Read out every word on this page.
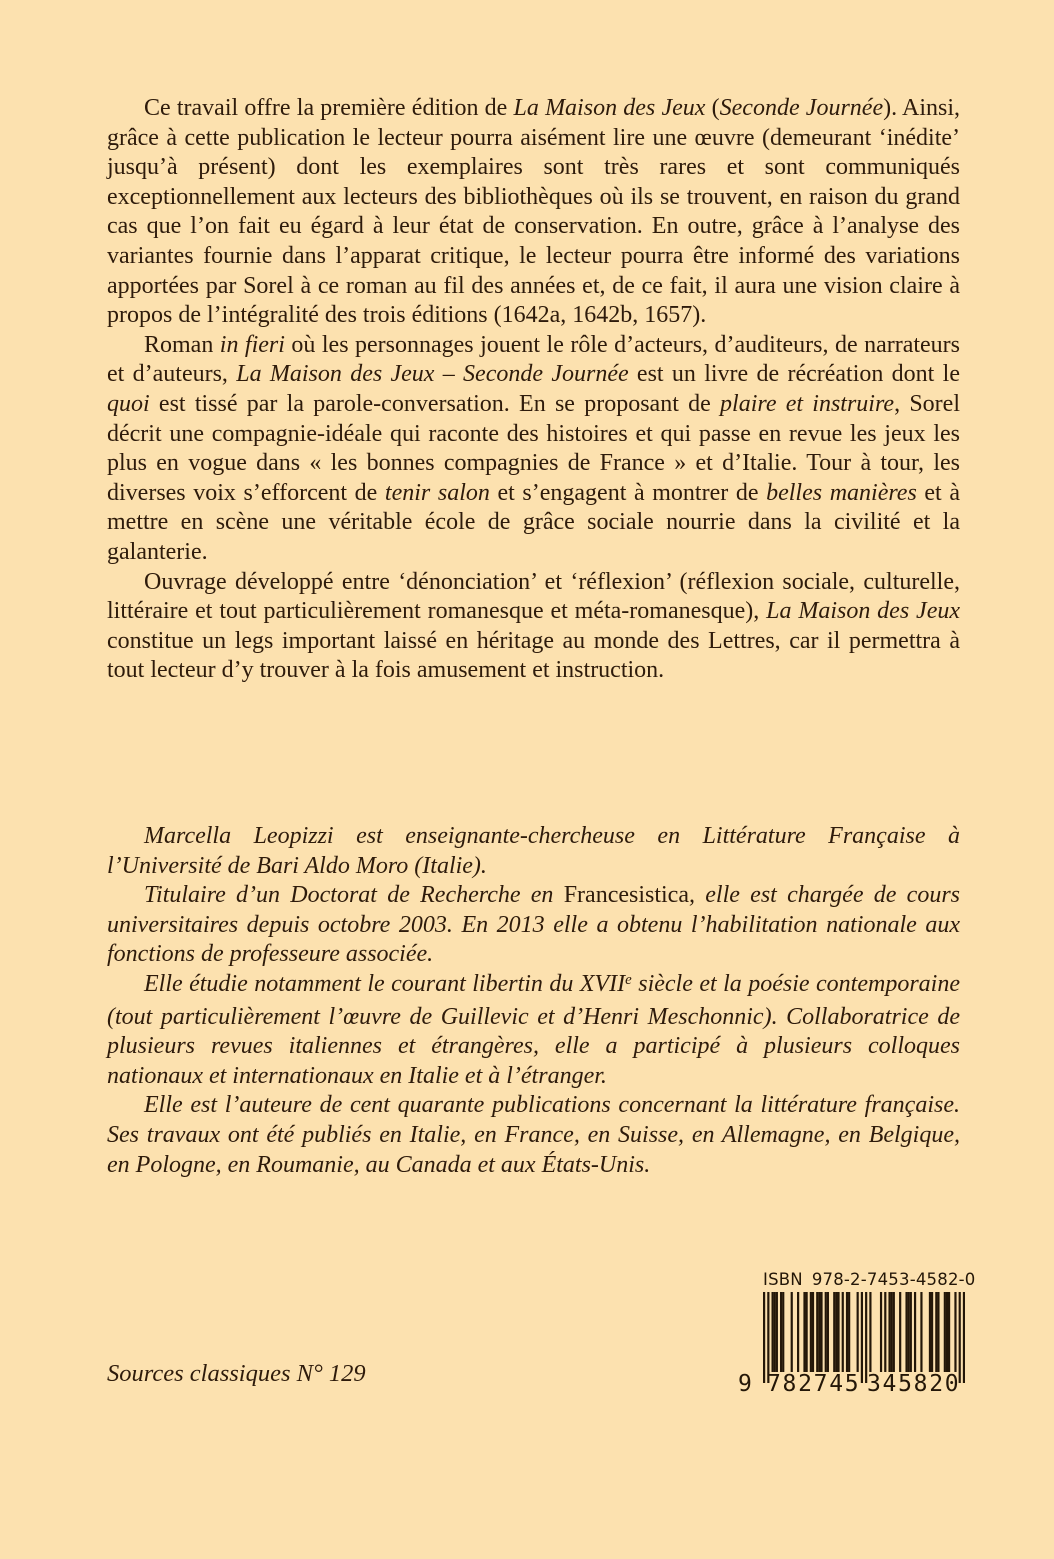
Ce travail offre la première édition de La Maison des Jeux (Seconde Journée). Ainsi, grâce à cette publication le lecteur pourra aisément lire une œuvre (demeurant ‘inédite’ jusqu’à présent) dont les exemplaires sont très rares et sont communiqués exceptionnellement aux lecteurs des bibliothèques où ils se trouvent, en raison du grand cas que l’on fait eu égard à leur état de conservation. En outre, grâce à l’analyse des variantes fournie dans l’apparat critique, le lecteur pourra être informé des variations apportées par Sorel à ce roman au fil des années et, de ce fait, il aura une vision claire à propos de l’intégralité des trois éditions (1642a, 1642b, 1657).

Roman in fieri où les personnages jouent le rôle d’acteurs, d’auditeurs, de narrateurs et d’auteurs, La Maison des Jeux – Seconde Journée est un livre de récréation dont le quoi est tissé par la parole-conversation. En se proposant de plaire et instruire, Sorel décrit une compagnie-idéale qui raconte des histoires et qui passe en revue les jeux les plus en vogue dans « les bonnes compagnies de France » et d’Italie. Tour à tour, les diverses voix s’efforcent de tenir salon et s’engagent à montrer de belles manières et à mettre en scène une véritable école de grâce sociale nourrie dans la civilité et la galanterie.

Ouvrage développé entre ‘dénonciation’ et ‘réflexion’ (réflexion sociale, culturelle, littéraire et tout particulièrement romanesque et méta-romanesque), La Maison des Jeux constitue un legs important laissé en héritage au monde des Lettres, car il permettra à tout lecteur d’y trouver à la fois amusement et instruction.

Marcella Leopizzi est enseignante-chercheuse en Littérature Française à l’Université de Bari Aldo Moro (Italie).

Titulaire d’un Doctorat de Recherche en Francesistica, elle est chargée de cours universitaires depuis octobre 2003. En 2013 elle a obtenu l’habilitation nationale aux fonctions de professeure associée.

Elle étudie notamment le courant libertin du XVIIe siècle et la poésie contemporaine (tout particulièrement l’œuvre de Guillevic et d’Henri Meschonnic). Collaboratrice de plusieurs revues italiennes et étrangères, elle a participé à plusieurs colloques nationaux et internationaux en Italie et à l’étranger.

Elle est l’auteure de cent quarante publications concernant la littérature française. Ses travaux ont été publiés en Italie, en France, en Suisse, en Allemagne, en Belgique, en Pologne, en Roumanie, au Canada et aux États-Unis.

Sources classiques N° 129
ISBN 978-2-7453-4582-0
9 782745 345820
